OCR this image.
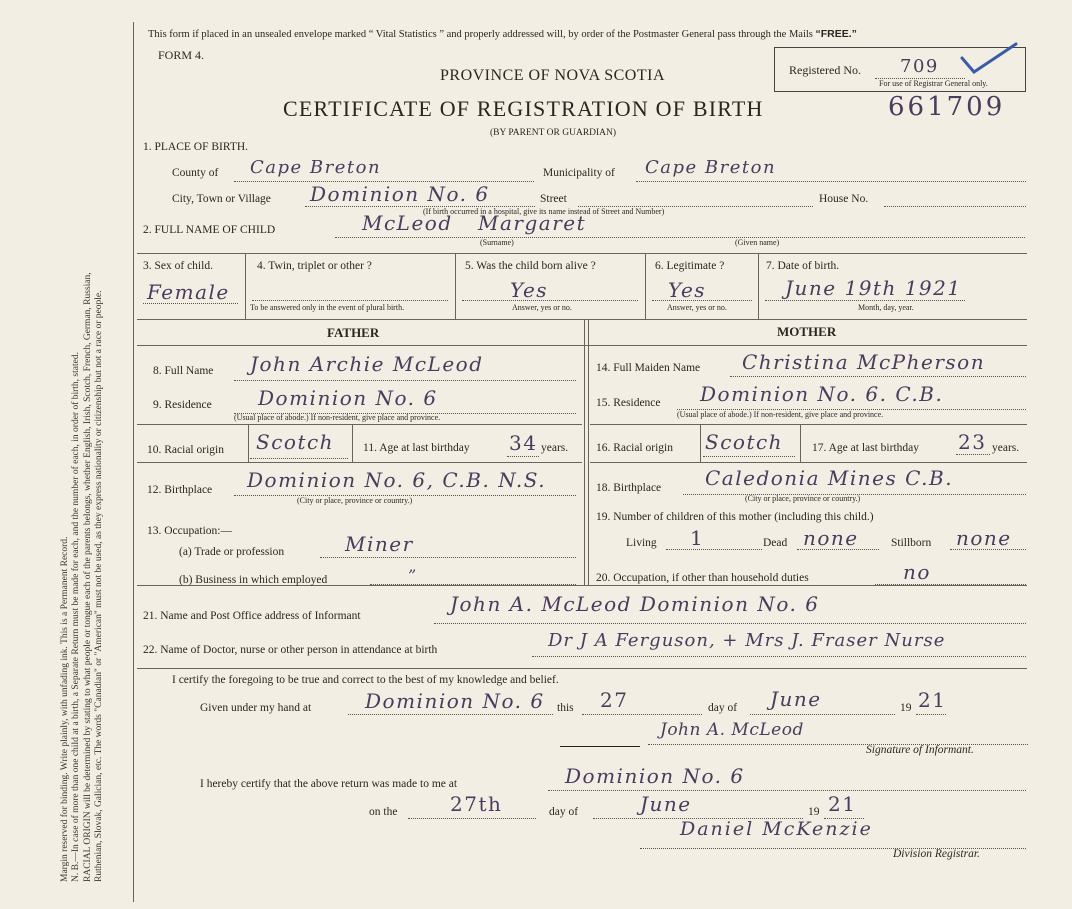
Margin reserved for binding. Write plainly, with unfading ink. This is a Permanent Record. N. B.—In case of more than one child at a birth, a Separate Return must be made for each, and the number of each, in order of birth, stated. RACIAL ORIGIN will be determined by stating to what people or tongue each of the parents belongs, whether English, Irish, Scotch, French, German, Russian, Ruthenian, Slovak, Galician, etc. The words "Canadian" or "American" must not be used, as they express nationality or citizenship but not a race or people.
This form if placed in an unsealed envelope marked “ Vital Statistics ” and properly addressed will, by order of the Postmaster General pass through the Mails “FREE.”
FORM 4.
PROVINCE OF NOVA SCOTIA	Registered No. 709
For use of Registrar General only.
CERTIFICATE OF REGISTRATION OF BIRTH	661709
(BY PARENT OR GUARDIAN)
1. PLACE OF BIRTH.
County of Cape Breton	Municipality of Cape Breton
City, Town or Village Dominion No. 6	Street	House No.
(If birth occurred in a hospital, give its name instead of Street and Number)
2. FULL NAME OF CHILD	McLeod Margaret
(Surname)	(Given name)
3. Sex of child.
Female
4. Twin, triplet or other ?
To be answered only in the event of plural birth.
5. Was the child born alive ?
Yes
Answer, yes or no.
6. Legitimate ?
Yes
Answer, yes or no.
7. Date of birth.
June 19th 1921
Month, day, year.
FATHER	MOTHER
8. Full Name John Archie McLeod
9. Residence Dominion No. 6
(Usual place of abode.) If non-resident, give place and province.
10. Racial origin Scotch	11. Age at last birthday 34 years.
12. Birthplace Dominion No. 6, C.B. N.S.
(City or place, province or country.)
13. Occupation:—
(a) Trade or profession	Miner
(b) Business in which employed	”
14. Full Maiden Name Christina McPherson
15. Residence Dominion No. 6. C.B.
(Usual place of abode.) If non-resident, give place and province.
16. Racial origin Scotch	17. Age at last birthday 23 years.
18. Birthplace Caledonia Mines C.B.
(City or place, province or country.)
19. Number of children of this mother (including this child.)
Living 1	Dead none	Stillborn none
20. Occupation, if other than household duties	no
21. Name and Post Office address of Informant	John A. McLeod Dominion No. 6
22. Name of Doctor, nurse or other person in attendance at birth	Dr J A Ferguson, + Mrs J. Fraser Nurse
I certify the foregoing to be true and correct to the best of my knowledge and belief.
Given under my hand at	Dominion No. 6 this 27	day of June	19 21
John A. McLeod
Signature of Informant.
I hereby certify that the above return was made to me at	Dominion No. 6
on the	27th	day of	June	19 21
Daniel McKenzie
Division Registrar.
